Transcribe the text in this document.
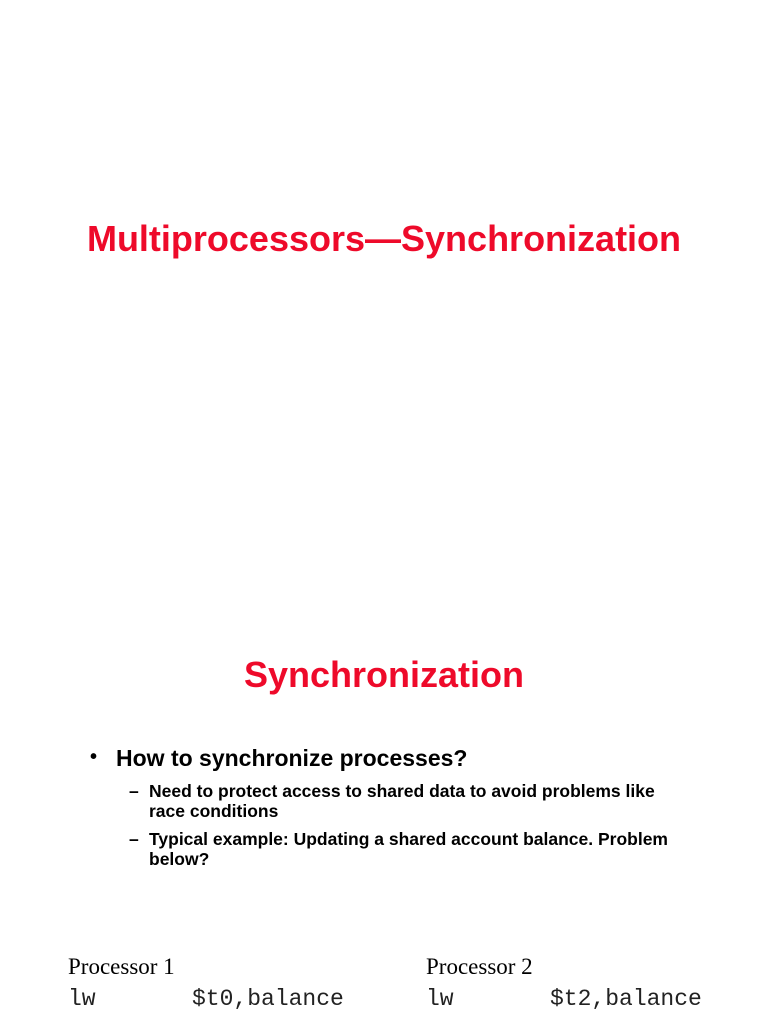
Multiprocessors—Synchronization
Synchronization
• How to synchronize processes?
– Need to protect access to shared data to avoid problems like race conditions
– Typical example: Updating a shared account balance. Problem below?
Processor 1	Processor 2
lw	$t0,balance	lw	$t2,balance
